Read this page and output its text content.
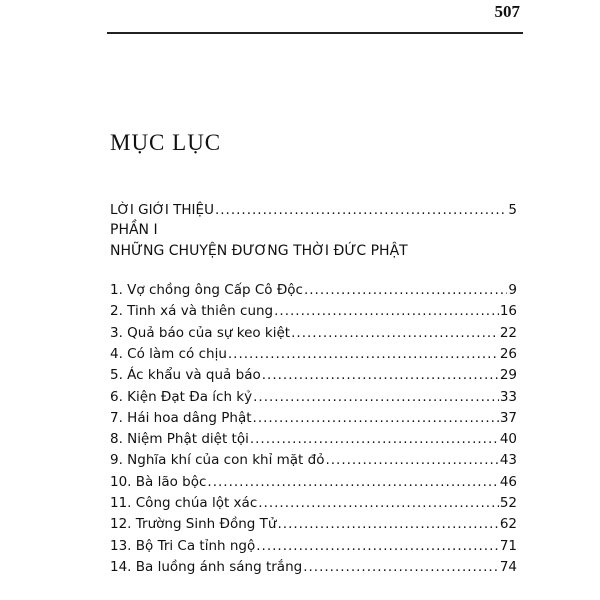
507
MỤC LỤC
LỜI GIỚI THIỆU .....	5
PHẦN I
NHỮNG CHUYỆN ĐƯƠNG THỜI ĐỨC PHẬT
1. Vợ chồng ông Cấp Cô Độc .....	9
2. Tinh xá và thiên cung .....	16
3. Quả báo của sự keo kiệt .....	22
4. Có làm có chịu .....	26
5. Ác khẩu và quả báo .....	29
6. Kiện Đạt Đa ích kỷ .....	33
7. Hái hoa dâng Phật .....	37
8. Niệm Phật diệt tội .....	40
9. Nghĩa khí của con khỉ mặt đỏ .....	43
10. Bà lão bộc .....	46
11. Công chúa lột xác .....	52
12. Trường Sinh Đồng Tử .....	62
13. Bộ Tri Ca tỉnh ngộ .....	71
14. Ba luồng ánh sáng trắng .....	74
